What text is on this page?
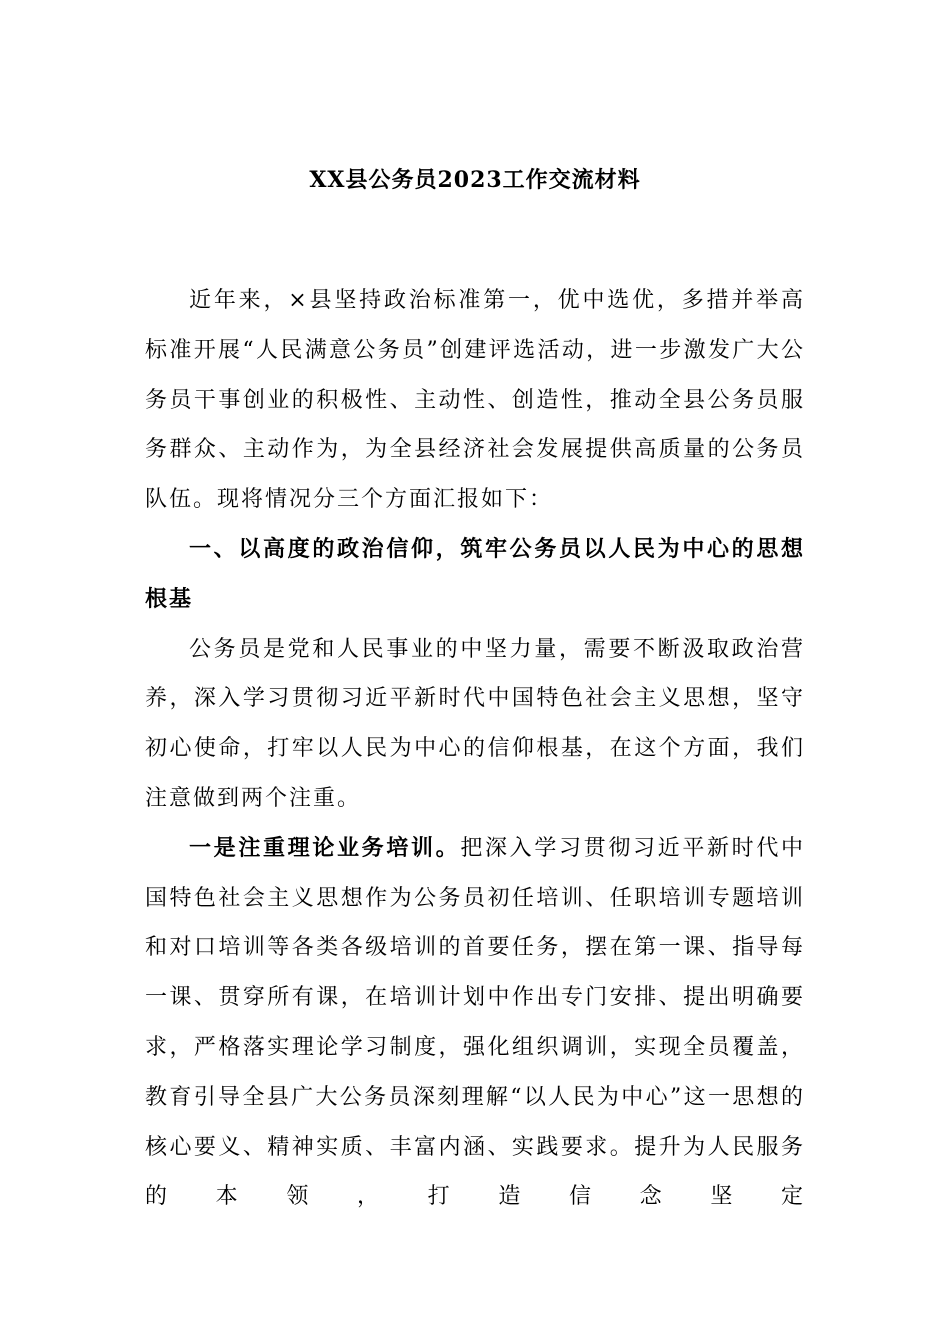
XX县公务员2023工作交流材料

近年来，×县坚持政治标准第一，优中选优，多措并举高标准开展“人民满意公务员”创建评选活动，进一步激发广大公务员干事创业的积极性、主动性、创造性，推动全县公务员服务群众、主动作为，为全县经济社会发展提供高质量的公务员队伍。现将情况分三个方面汇报如下：

一、以高度的政治信仰，筑牢公务员以人民为中心的思想根基

公务员是党和人民事业的中坚力量，需要不断汲取政治营养，深入学习贯彻习近平新时代中国特色社会主义思想，坚守初心使命，打牢以人民为中心的信仰根基，在这个方面，我们注意做到两个注重。

一是注重理论业务培训。把深入学习贯彻习近平新时代中国特色社会主义思想作为公务员初任培训、任职培训专题培训和对口培训等各类各级培训的首要任务，摆在第一课、指导每一课、贯穿所有课，在培训计划中作出专门安排、提出明确要求，严格落实理论学习制度，强化组织调训，实现全员覆盖，教育引导全县广大公务员深刻理解“以人民为中心”这一思想的核心要义、精神实质、丰富内涵、实践要求。提升为人民服务的本领，打造信念坚定
